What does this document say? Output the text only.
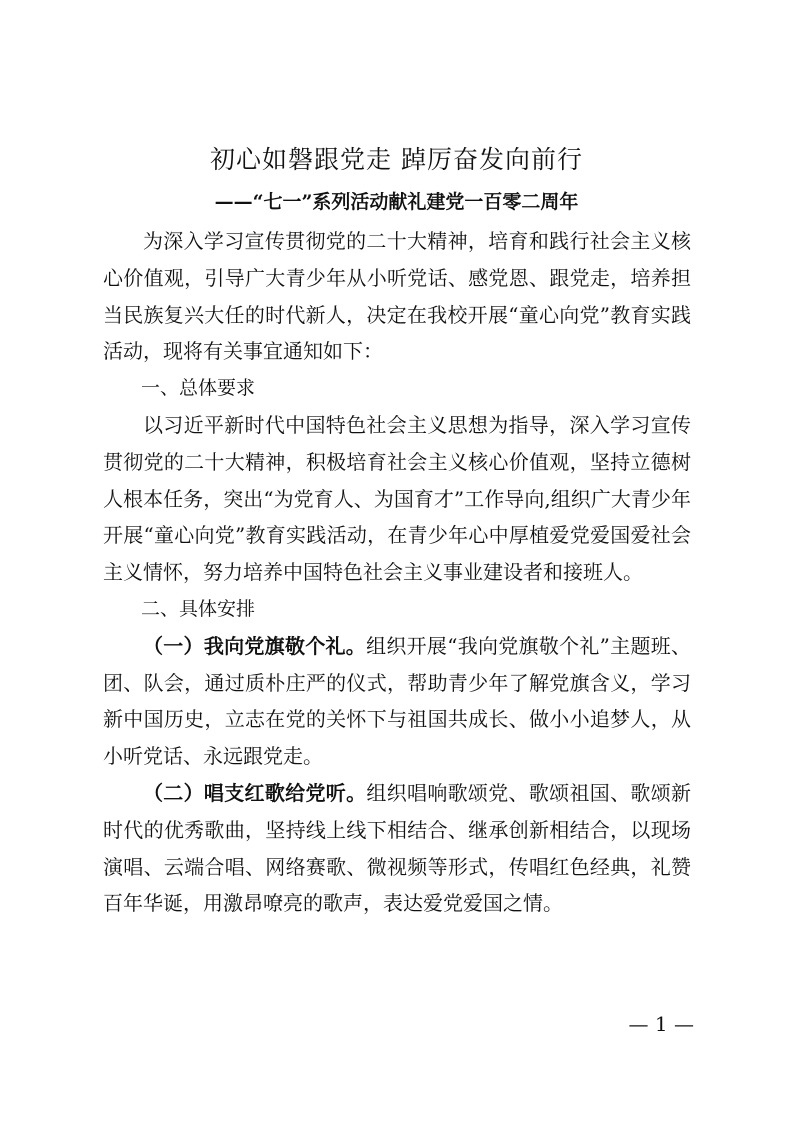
初心如磐跟党走 踔厉奋发向前行
——“七一”系列活动献礼建党一百零二周年

为深入学习宣传贯彻党的二十大精神，培育和践行社会主义核心价值观，引导广大青少年从小听党话、感党恩、跟党走，培养担当民族复兴大任的时代新人，决定在我校开展“童心向党”教育实践活动，现将有关事宜通知如下：

一、总体要求

以习近平新时代中国特色社会主义思想为指导，深入学习宣传贯彻党的二十大精神，积极培育社会主义核心价值观，坚持立德树人根本任务，突出“为党育人、为国育才”工作导向,组织广大青少年开展“童心向党”教育实践活动，在青少年心中厚植爱党爱国爱社会主义情怀，努力培养中国特色社会主义事业建设者和接班人。

二、具体安排

（一）我向党旗敬个礼。组织开展“我向党旗敬个礼”主题班、团、队会，通过质朴庄严的仪式，帮助青少年了解党旗含义，学习新中国历史，立志在党的关怀下与祖国共成长、做小小追梦人，从小听党话、永远跟党走。

（二）唱支红歌给党听。组织唱响歌颂党、歌颂祖国、歌颂新时代的优秀歌曲，坚持线上线下相结合、继承创新相结合，以现场演唱、云端合唱、网络赛歌、微视频等形式，传唱红色经典，礼赞百年华诞，用激昂嘹亮的歌声，表达爱党爱国之情。

— 1 —
